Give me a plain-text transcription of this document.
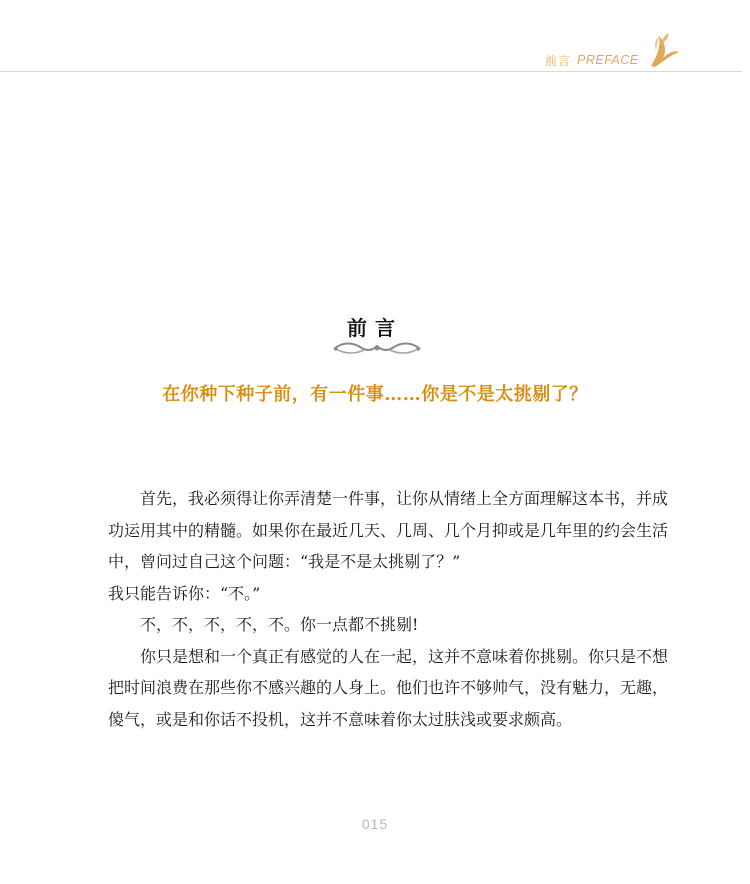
前言 PREFACE
前言
在你种下种子前，有一件事……你是不是太挑剔了？

首先，我必须得让你弄清楚一件事，让你从情绪上全方面理解这本书，并成功运用其中的精髓。如果你在最近几天、几周、几个月抑或是几年里的约会生活中，曾问过自己这个问题：“我是不是太挑剔了？”

我只能告诉你：“不。”

不，不，不，不，不。你一点都不挑剔!

你只是想和一个真正有感觉的人在一起，这并不意味着你挑剔。你只是不想把时间浪费在那些你不感兴趣的人身上。他们也许不够帅气，没有魅力，无趣，傻气，或是和你话不投机，这并不意味着你太过肤浅或要求颇高。

015
